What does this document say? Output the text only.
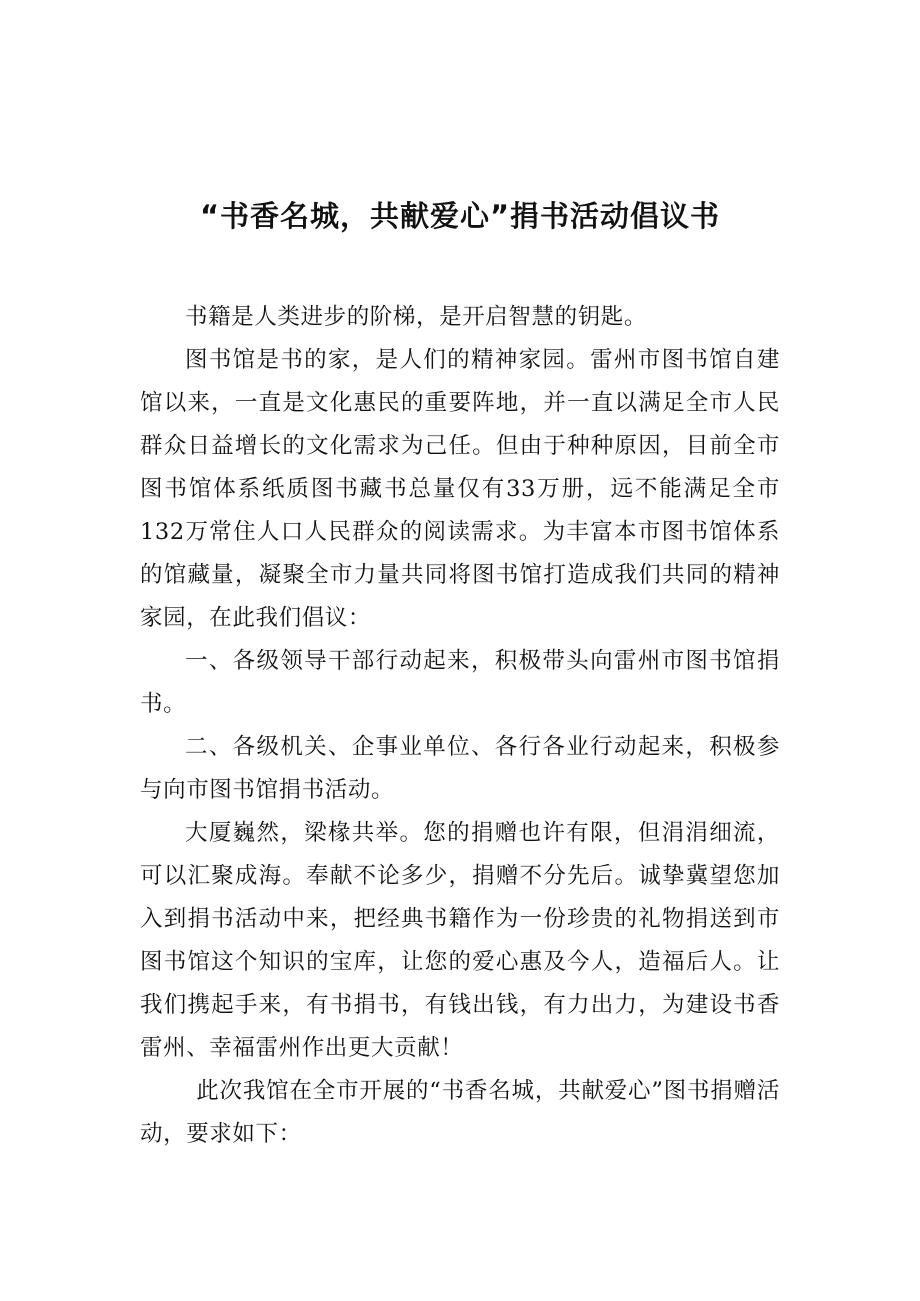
“书香名城，共献爱心”捐书活动倡议书

书籍是人类进步的阶梯，是开启智慧的钥匙。

图书馆是书的家，是人们的精神家园。雷州市图书馆自建馆以来，一直是文化惠民的重要阵地，并一直以满足全市人民群众日益增长的文化需求为己任。但由于种种原因，目前全市图书馆体系纸质图书藏书总量仅有33万册，远不能满足全市132万常住人口人民群众的阅读需求。为丰富本市图书馆体系的馆藏量，凝聚全市力量共同将图书馆打造成我们共同的精神家园，在此我们倡议：

一、各级领导干部行动起来，积极带头向雷州市图书馆捐书。

二、各级机关、企事业单位、各行各业行动起来，积极参与向市图书馆捐书活动。

大厦巍然，梁椽共举。您的捐赠也许有限，但涓涓细流，可以汇聚成海。奉献不论多少，捐赠不分先后。诚挚冀望您加入到捐书活动中来，把经典书籍作为一份珍贵的礼物捐送到市图书馆这个知识的宝库，让您的爱心惠及今人，造福后人。让我们携起手来，有书捐书，有钱出钱，有力出力，为建设书香雷州、幸福雷州作出更大贡献！

此次我馆在全市开展的“书香名城，共献爱心”图书捐赠活动，要求如下：
